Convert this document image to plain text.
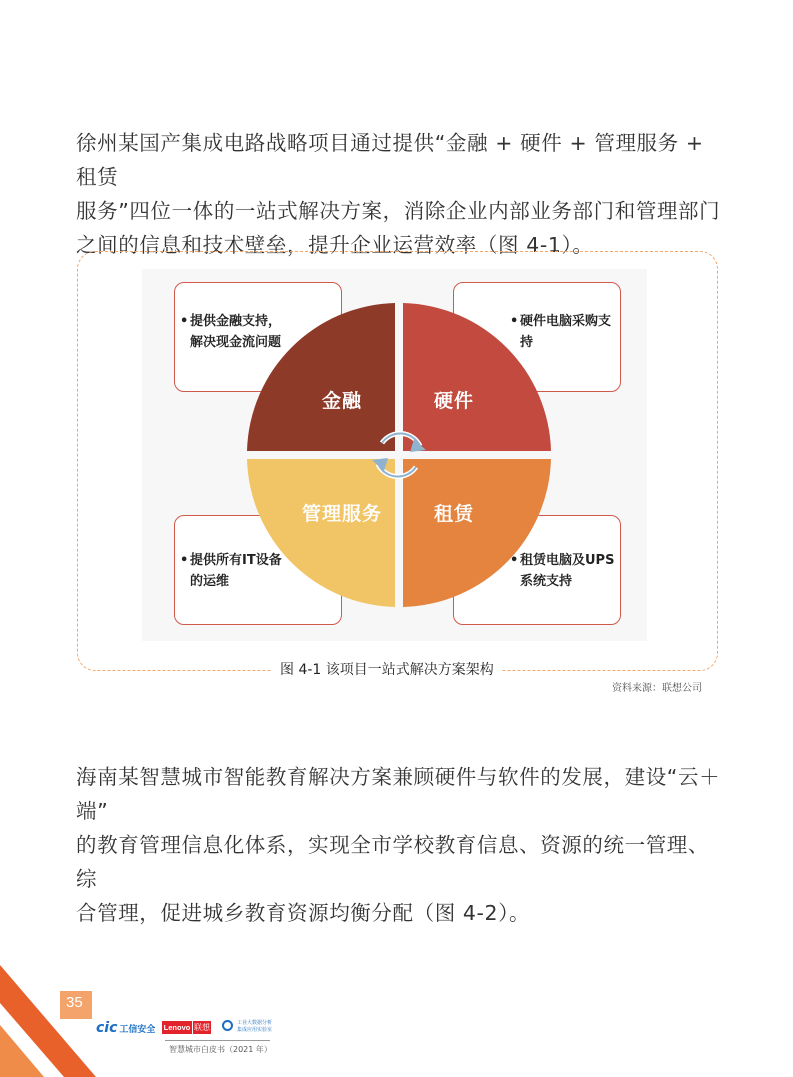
徐州某国产集成电路战略项目通过提供“金融 + 硬件 + 管理服务 + 租赁
服务”四位一体的一站式解决方案，消除企业内部业务部门和管理部门
之间的信息和技术壁垒，提升企业运营效率（图 4-1）。
• 提供金融支持，
解决现金流问题
• 硬件电脑采购支
持
• 提供所有IT设备
的运维
• 租赁电脑及UPS
系统支持
金融	硬件
管理服务	租赁
图 4-1 该项目一站式解决方案架构
资料来源：联想公司
海南某智慧城市智能教育解决方案兼顾硬件与软件的发展，建设“云＋端”
的教育管理信息化体系，实现全市学校教育信息、资源的统一管理、综
合管理，促进城乡教育资源均衡分配（图 4-2）。
35
cic 工信安全 Lenovo 联想	工业大数据分析
集成应用实验室
智慧城市白皮书（2021 年）
